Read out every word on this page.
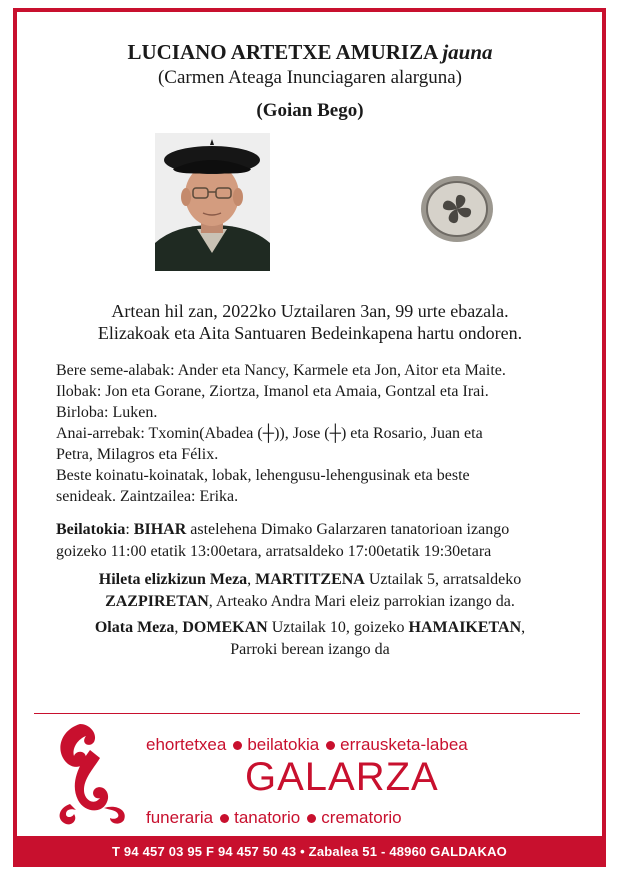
LUCIANO ARTETXE AMURIZA jauna
(Carmen Ateaga Inunciagaren alarguna)
(Goian Bego)
Artean hil zan, 2022ko Uztailaren 3an, 99 urte ebazala.
Elizakoak eta Aita Santuaren Bedeinkapena hartu ondoren.

Bere seme-alabak: Ander eta Nancy, Karmele eta Jon, Aitor eta Maite.

Ilobak: Jon eta Gorane, Ziortza, Imanol eta Amaia, Gontzal eta Irai.

Birloba: Luken.

Anai-arrebak: Txomin(Abadea (┼)), Jose (┼) eta Rosario, Juan eta

Petra, Milagros eta Félix.

Beste koinatu-koinatak, lobak, lehengusu-lehengusinak eta beste

senideak. Zaintzailea: Erika.

Beilatokia: BIHAR astelehena Dimako Galarzaren tanatorioan izango
goizeko 11:00 etatik 13:00etara, arratsaldeko 17:00etatik 19:30etara
Hileta elizkizun Meza, MARTITZENA Uztailak 5, arratsaldeko
ZAZPIRETAN, Arteako Andra Mari eleiz parrokian izango da.
Olata Meza, DOMEKAN Uztailak 10, goizeko HAMAIKETAN,
Parroki berean izango da
ehortetxea beilatokia errausketa-labea
GALARZA
funeraria tanatorio crematorio
T 94 457 03 95 F 94 457 50 43 • Zabalea 51 - 48960 GALDAKAO
